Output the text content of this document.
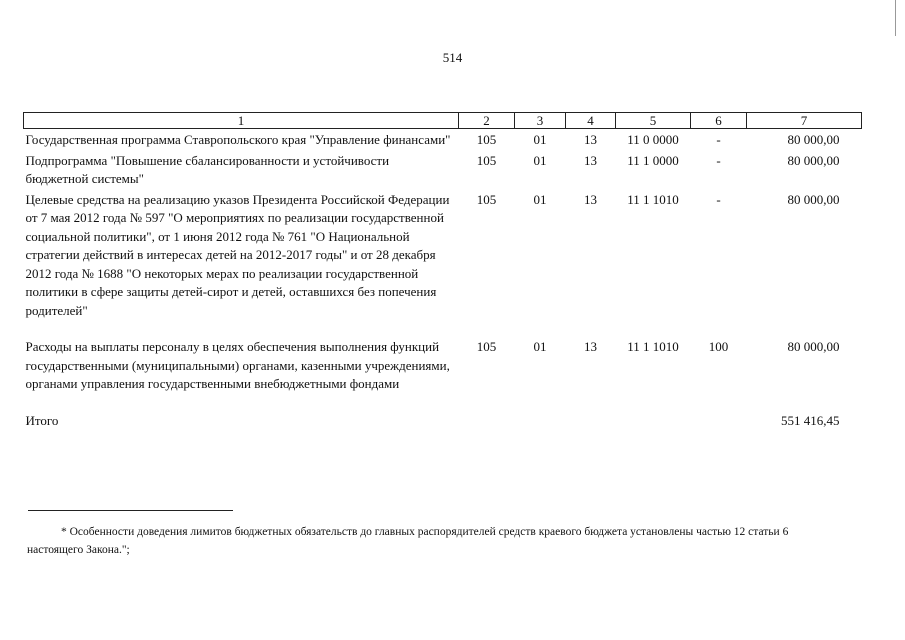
514
1	2	3	4	5	6	7
Государственная программа Ставропольского края "Управление финансами"	105	01	13	11 0 0000	-	80 000,00
Подпрограмма "Повышение сбалансированности и устойчивости бюджетной системы"	105	01	13	11 1 0000	-	80 000,00
Целевые средства на реализацию указов Президента Российской Федерации от 7 мая 2012 года № 597 "О мероприятиях по реализации государственной социальной политики", от 1 июня 2012 года № 761 "О Национальной стратегии действий в интересах детей на 2012-2017 годы" и от 28 декабря 2012 года № 1688 "О некоторых мерах по реализации государственной политики в сфере защиты детей-сирот и детей, оставшихся без попечения родителей"	105	01	13	11 1 1010	-	80 000,00

Расходы на выплаты персоналу в целях обеспечения выполнения функций государственными (муниципальными) органами, казенными учреждениями, органами управления государственными внебюджетными фондами	105	01	13	11 1 1010	100	80 000,00

Итого						551 416,45
* Особенности доведения лимитов бюджетных обязательств до главных распорядителей средств краевого бюджета установлены частью 12 статьи 6 настоящего Закона.";
